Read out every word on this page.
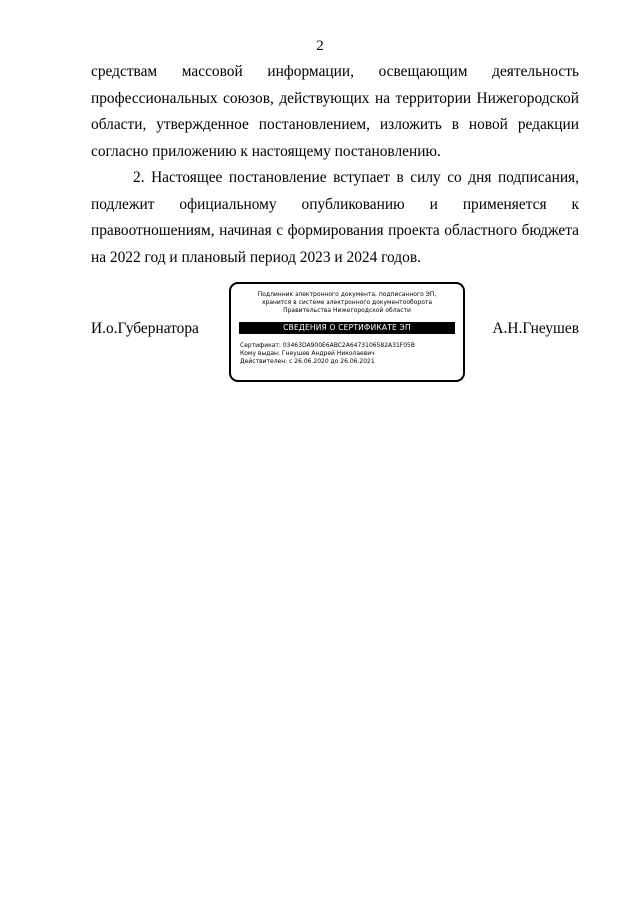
2

средствам массовой информации, освещающим деятельность профессиональных союзов, действующих на территории Нижегородской области, утвержденное постановлением, изложить в новой редакции согласно приложению к настоящему постановлению.

2. Настоящее постановление вступает в силу со дня подписания, подлежит официальному опубликованию и применяется к правоотношениям, начиная с формирования проекта областного бюджета на 2022 год и плановый период 2023 и 2024 годов.

И.о.Губернатора
Подлинник электронного документа, подписанного ЭП,
хранится в системе электронного документооборота
Правительства Нижегородской области
СВЕДЕНИЯ О СЕРТИФИКАТЕ ЭП
Сертификат: 03463DA900E6ABC2A6473106582A31F05B
Кому выдан: Гнеушев Андрей Николаевич
Действителен: с 26.06.2020 до 26.06.2021
А.Н.Гнеушев
